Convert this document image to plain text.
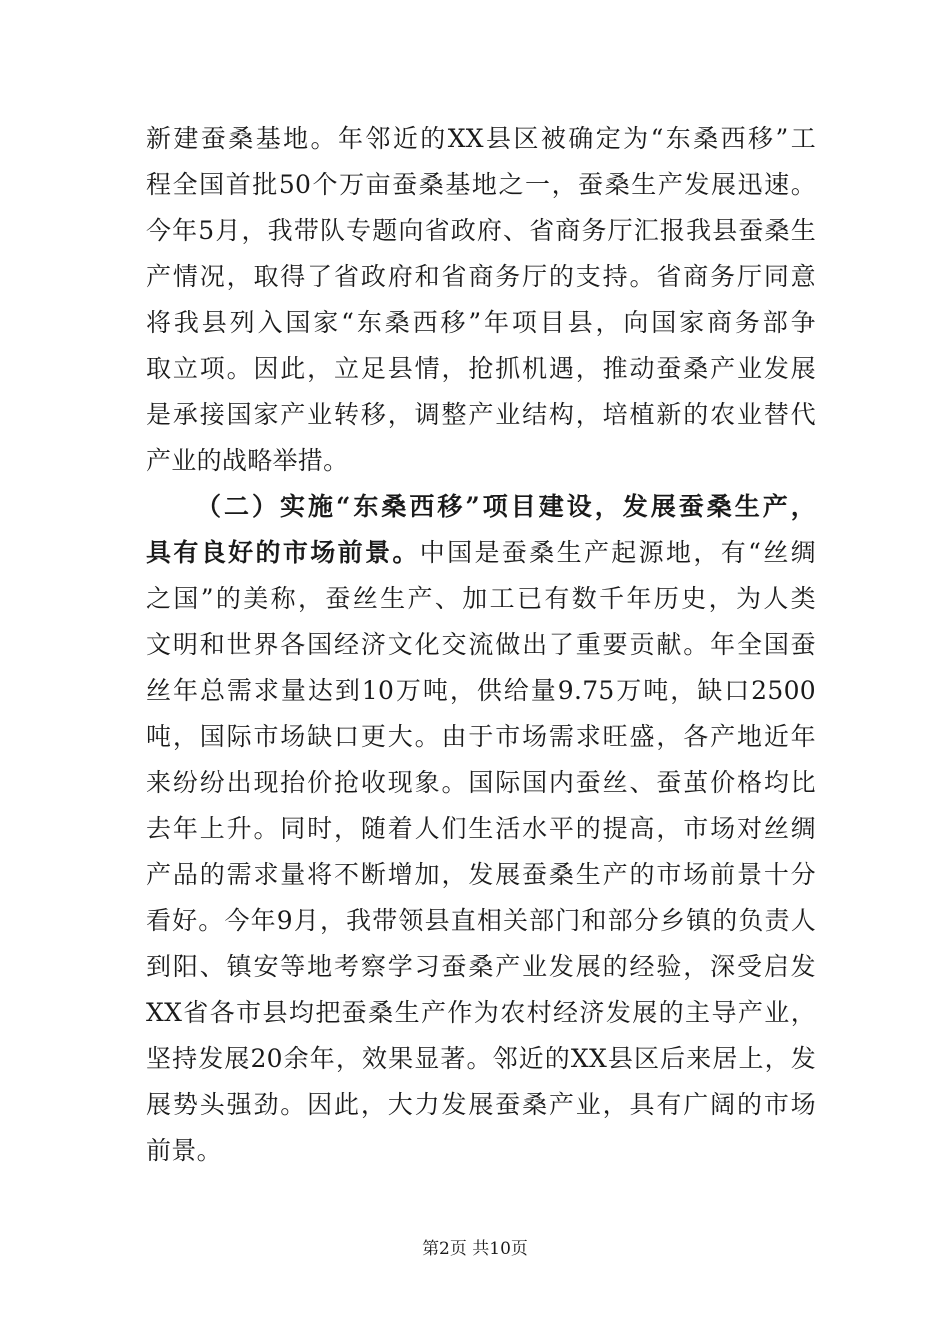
新建蚕桑基地。年邻近的XX县区被确定为“东桑西移”工
程全国首批50个万亩蚕桑基地之一，蚕桑生产发展迅速。
今年5月，我带队专题向省政府、省商务厅汇报我县蚕桑生
产情况，取得了省政府和省商务厅的支持。省商务厅同意
将我县列入国家“东桑西移”年项目县，向国家商务部争
取立项。因此，立足县情，抢抓机遇，推动蚕桑产业发展
是承接国家产业转移，调整产业结构，培植新的农业替代
产业的战略举措。
（二）实施“东桑西移”项目建设，发展蚕桑生产，
具有良好的市场前景。中国是蚕桑生产起源地，有“丝绸
之国”的美称，蚕丝生产、加工已有数千年历史，为人类
文明和世界各国经济文化交流做出了重要贡献。年全国蚕
丝年总需求量达到10万吨，供给量9.75万吨，缺口2500
吨，国际市场缺口更大。由于市场需求旺盛，各产地近年
来纷纷出现抬价抢收现象。国际国内蚕丝、蚕茧价格均比
去年上升。同时，随着人们生活水平的提高，市场对丝绸
产品的需求量将不断增加，发展蚕桑生产的市场前景十分
看好。今年9月，我带领县直相关部门和部分乡镇的负责人
到阳、镇安等地考察学习蚕桑产业发展的经验，深受启发
XX省各市县均把蚕桑生产作为农村经济发展的主导产业，
坚持发展20余年，效果显著。邻近的XX县区后来居上，发
展势头强劲。因此，大力发展蚕桑产业，具有广阔的市场
前景。
第2页 共10页
